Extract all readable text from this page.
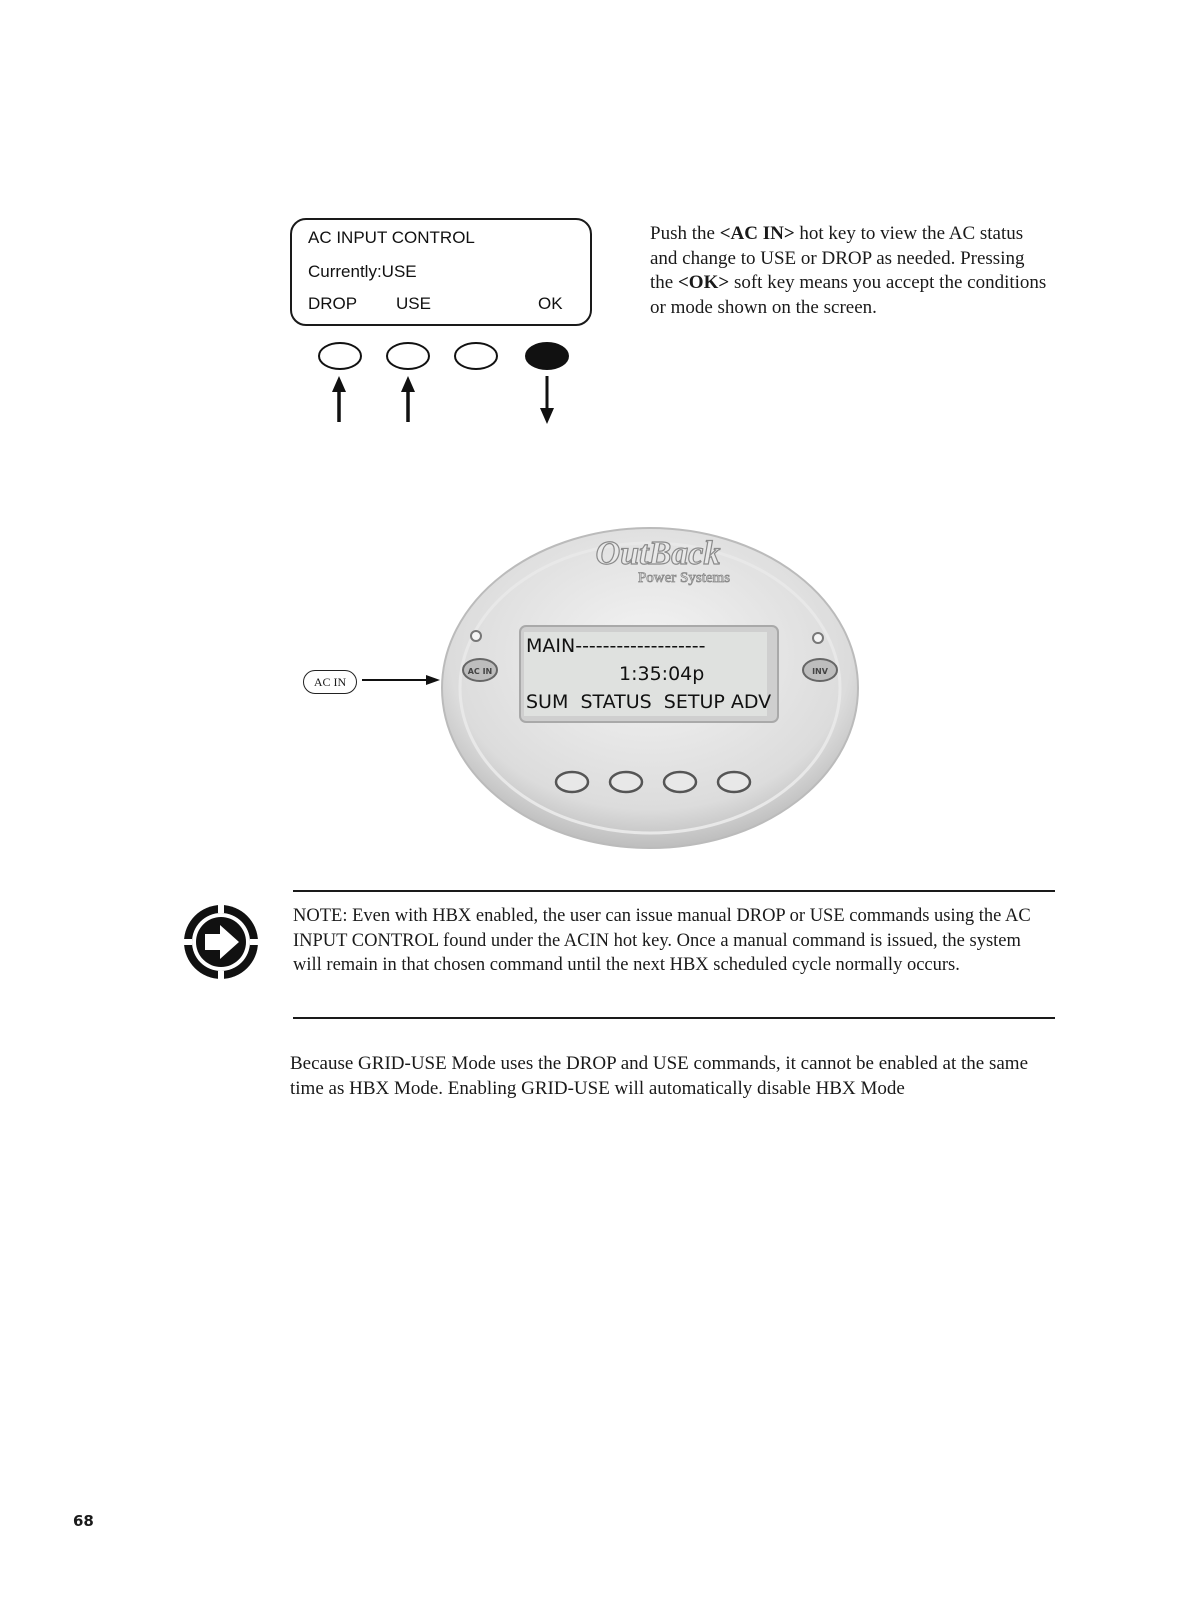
AC INPUT CONTROL
Currently:USE
DROP USE	OK
Push the <AC IN> hot key to view the AC status and change to USE or DROP as needed. Pressing the <OK> soft key means you accept the conditions or mode shown on the screen.
OutBack
Power Systems
AC IN	INV
MAIN-------------------
1:35:04p
SUM  STATUS  SETUP ADV
AC IN
NOTE: Even with HBX enabled, the user can issue manual DROP or USE commands using the AC INPUT CONTROL found under the ACIN hot key. Once a manual command is issued, the system will remain in that chosen command until the next HBX scheduled cycle normally occurs.
Because GRID-USE Mode uses the DROP and USE commands, it cannot be enabled at the same time as HBX Mode. Enabling GRID-USE will automatically disable HBX Mode
68
